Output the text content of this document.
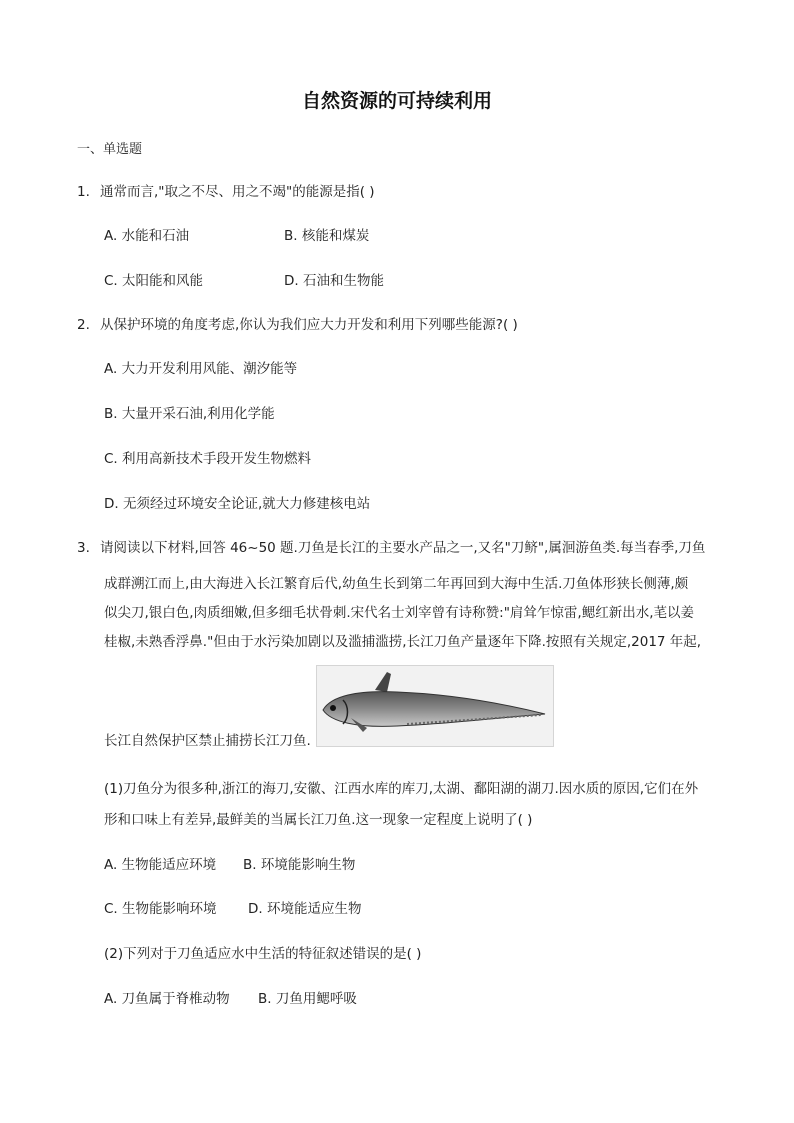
自然资源的可持续利用
一、单选题
1. 通常而言,"取之不尽、用之不竭"的能源是指( )
A. 水能和石油	B. 核能和煤炭
C. 太阳能和风能	D. 石油和生物能
2. 从保护环境的角度考虑,你认为我们应大力开发和利用下列哪些能源?( )
A. 大力开发利用风能、潮汐能等
B. 大量开采石油,利用化学能
C. 利用高新技术手段开发生物燃料
D. 无须经过环境安全论证,就大力修建核电站
3. 请阅读以下材料,回答 46~50 题.刀鱼是长江的主要水产品之一,又名"刀鲚",属洄游鱼类.每当春季,刀鱼
成群溯江而上,由大海进入长江繁育后代,幼鱼生长到第二年再回到大海中生活.刀鱼体形狭长侧薄,颇
似尖刀,银白色,肉质细嫩,但多细毛状骨刺.宋代名士刘宰曾有诗称赞:"肩耸乍惊雷,鳃红新出水,芼以姜
桂椒,未熟香浮鼻."但由于水污染加剧以及滥捕滥捞,长江刀鱼产量逐年下降.按照有关规定,2017 年起,
长江自然保护区禁止捕捞长江刀鱼.
(1)刀鱼分为很多种,浙江的海刀,安徽、江西水库的库刀,太湖、鄱阳湖的湖刀.因水质的原因,它们在外
形和口味上有差异,最鲜美的当属长江刀鱼.这一现象一定程度上说明了( )
A. 生物能适应环境 B. 环境能影响生物
C. 生物能影响环境 D. 环境能适应生物
(2)下列对于刀鱼适应水中生活的特征叙述错误的是( )
A. 刀鱼属于脊椎动物 B. 刀鱼用鳃呼吸
